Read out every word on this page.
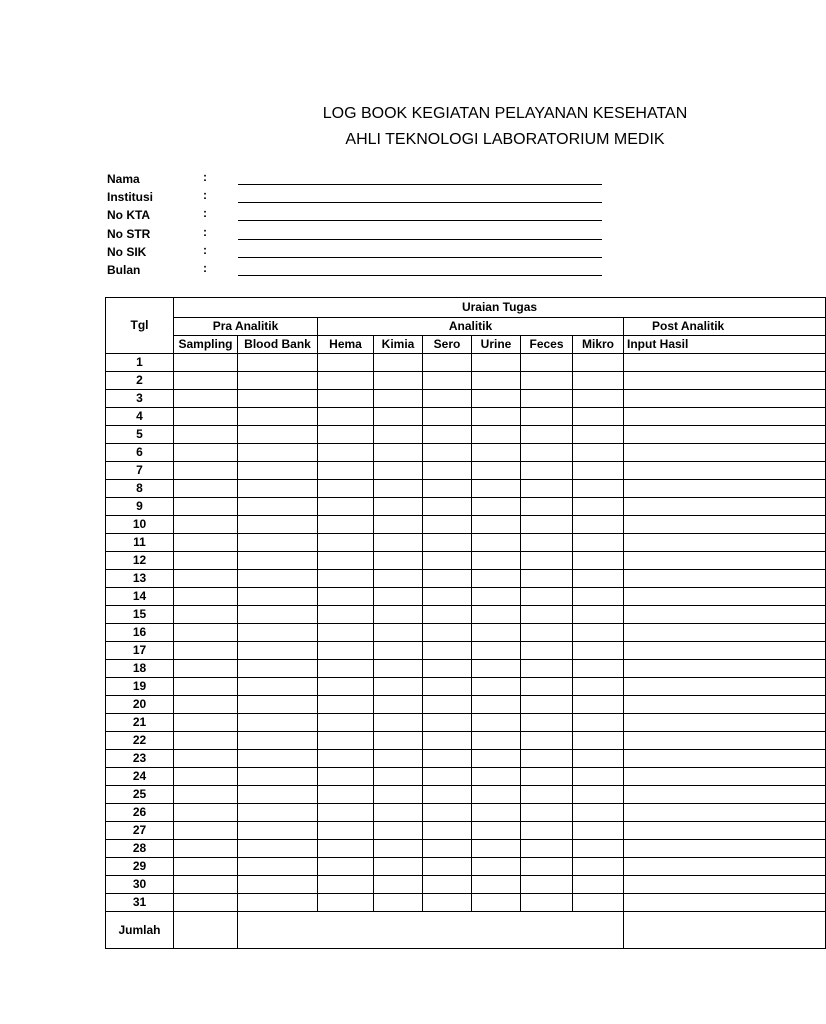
LOG BOOK KEGIATAN PELAYANAN KESEHATAN
AHLI TEKNOLOGI LABORATORIUM MEDIK
Nama	:
Institusi	:
No KTA	:
No STR	:
No SIK	:
Bulan	:
Tgl	Uraian Tugas								
	Pra Analitik		Analitik						Post Analitik
	Sampling	Blood Bank	Hema	Kimia	Sero	Urine	Feces	Mikro	Input Hasil
1									
2									
3									
4									
5									
6									
7									
8									
9									
10									
11									
12									
13									
14									
15									
16									
17									
18									
19									
20									
21									
22									
23									
24									
25									
26									
27									
28									
29									
30									
31									
Jumlah									
